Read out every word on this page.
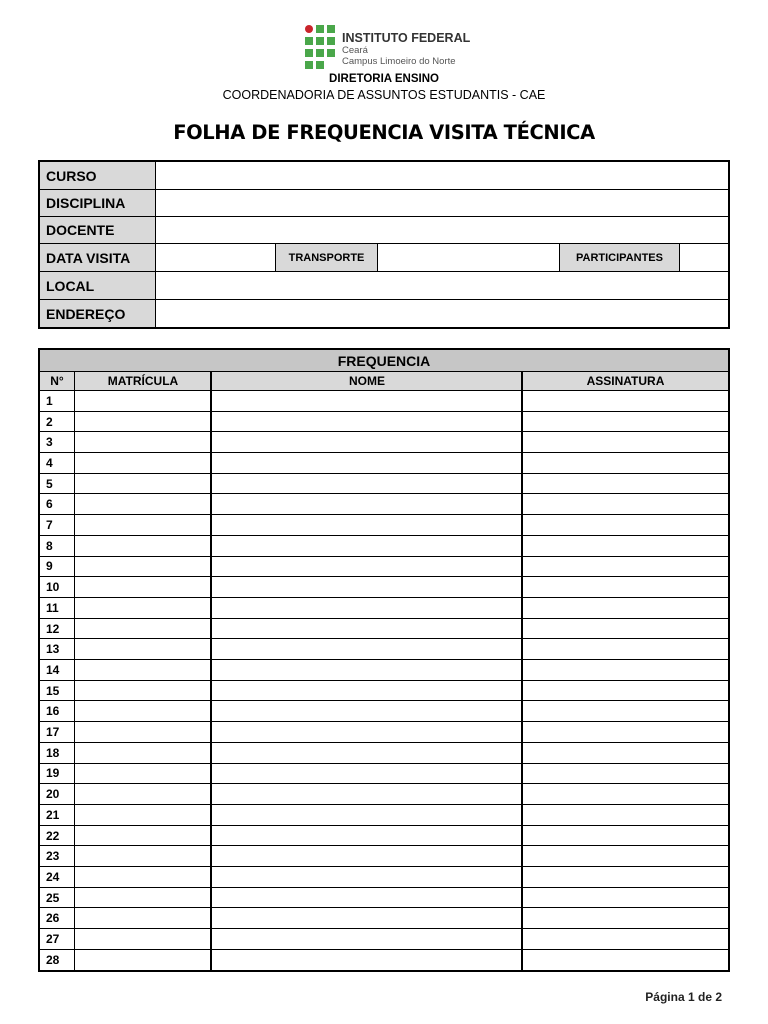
INSTITUTO FEDERAL
Ceará
Campus Limoeiro do Norte
DIRETORIA ENSINO
COORDENADORIA DE ASSUNTOS ESTUDANTIS - CAE
FOLHA DE FREQUENCIA VISITA TÉCNICA
CURSO
DISCIPLINA
DOCENTE
DATA VISITA	TRANSPORTE	PARTICIPANTES
LOCAL
ENDEREÇO
FREQUENCIA
N°	MATRÍCULA	NOME	ASSINATURA
1
2
3
4
5
6
7
8
9
10
11
12
13
14
15
16
17
18
19
20
21
22
23
24
25
26
27
28
Página 1 de 2
